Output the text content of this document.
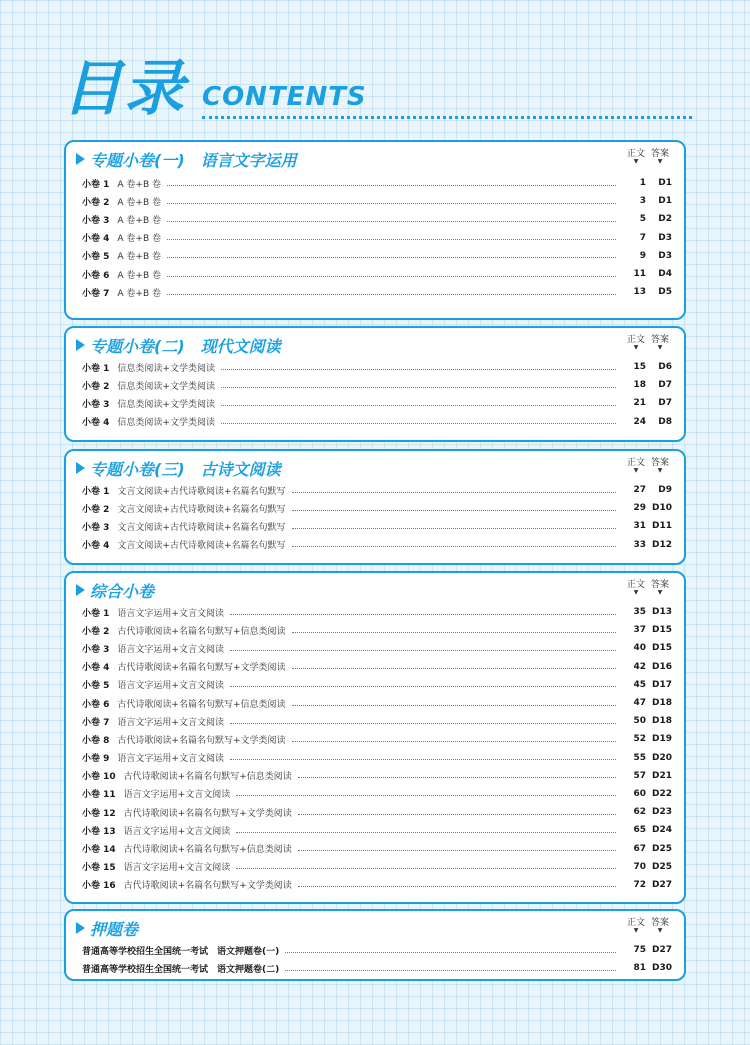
目录 CONTENTS
专题小卷(一)　语言文字运用	正文 答案
▼	▼
小卷 1 A 卷+B 卷	1	D1
小卷 2 A 卷+B 卷	3	D1
小卷 3 A 卷+B 卷	5	D2
小卷 4 A 卷+B 卷	7	D3
小卷 5 A 卷+B 卷	9	D3
小卷 6 A 卷+B 卷	11	D4
小卷 7 A 卷+B 卷	13	D5
专题小卷(二)　现代文阅读	正文 答案
▼	▼
小卷 1 信息类阅读+文学类阅读	15	D6
小卷 2 信息类阅读+文学类阅读	18	D7
小卷 3 信息类阅读+文学类阅读	21	D7
小卷 4 信息类阅读+文学类阅读	24	D8
专题小卷(三)　古诗文阅读	正文 答案
▼	▼
小卷 1 文言文阅读+古代诗歌阅读+名篇名句默写	27	D9
小卷 2 文言文阅读+古代诗歌阅读+名篇名句默写	29 D10
小卷 3 文言文阅读+古代诗歌阅读+名篇名句默写	31 D11
小卷 4 文言文阅读+古代诗歌阅读+名篇名句默写	33 D12
综合小卷	正文 答案
▼	▼
小卷 1 语言文字运用+文言文阅读	35 D13
小卷 2 古代诗歌阅读+名篇名句默写+信息类阅读	37 D15
小卷 3 语言文字运用+文言文阅读	40 D15
小卷 4 古代诗歌阅读+名篇名句默写+文学类阅读	42 D16
小卷 5 语言文字运用+文言文阅读	45 D17
小卷 6 古代诗歌阅读+名篇名句默写+信息类阅读	47 D18
小卷 7 语言文字运用+文言文阅读	50 D18
小卷 8 古代诗歌阅读+名篇名句默写+文学类阅读	52 D19
小卷 9 语言文字运用+文言文阅读	55 D20
小卷 10 古代诗歌阅读+名篇名句默写+信息类阅读	57 D21
小卷 11 语言文字运用+文言文阅读	60 D22
小卷 12 古代诗歌阅读+名篇名句默写+文学类阅读	62 D23
小卷 13 语言文字运用+文言文阅读	65 D24
小卷 14 古代诗歌阅读+名篇名句默写+信息类阅读	67 D25
小卷 15 语言文字运用+文言文阅读	70 D25
小卷 16 古代诗歌阅读+名篇名句默写+文学类阅读	72 D27
押题卷	正文 答案
▼	▼
普通高等学校招生全国统一考试　语文押题卷(一)	75 D27
普通高等学校招生全国统一考试　语文押题卷(二)	81 D30
